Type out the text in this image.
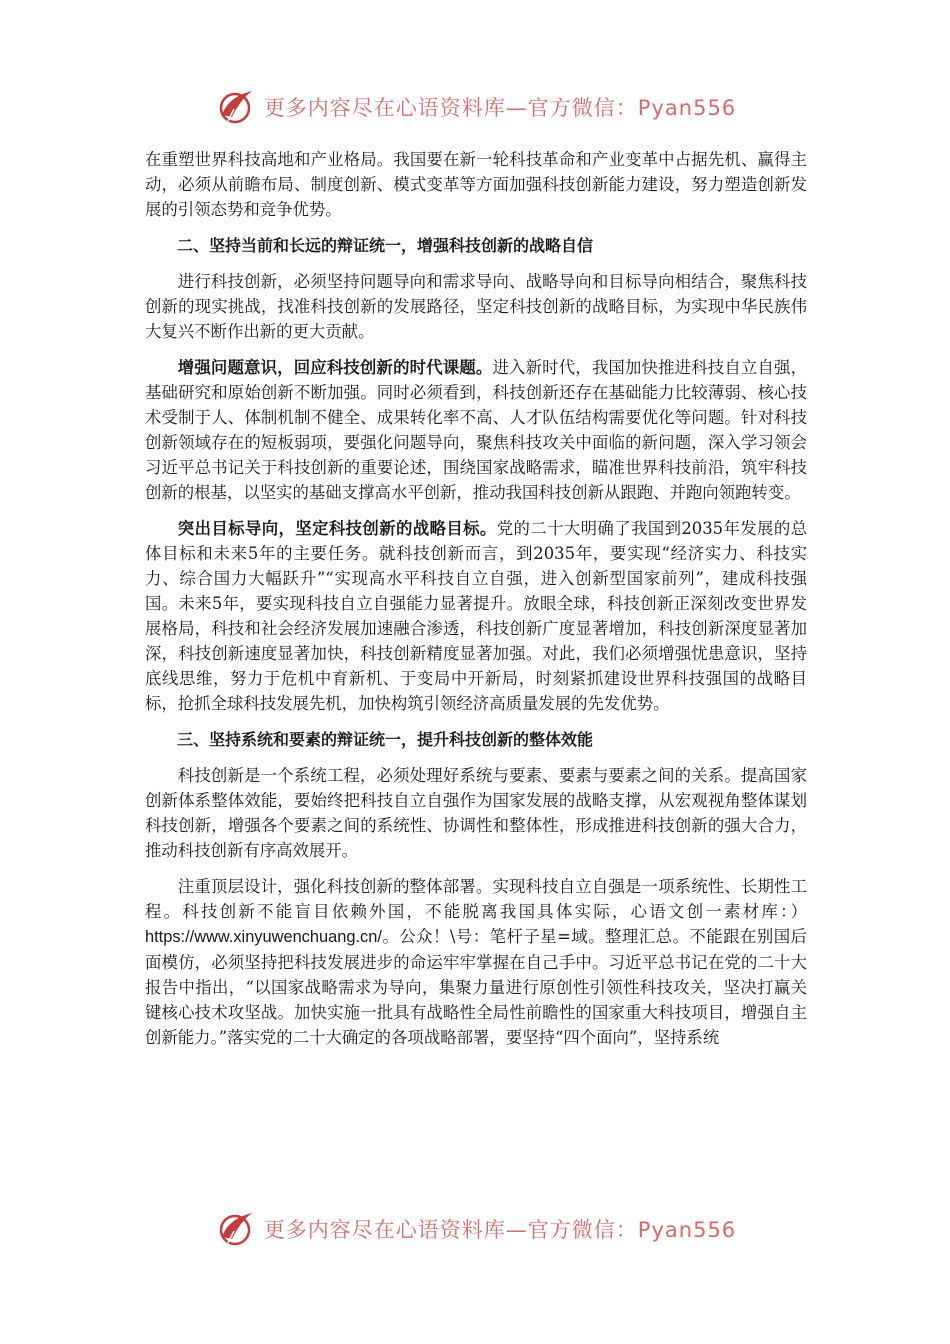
更多内容尽在心语资料库—官方微信：Pyan556

在重塑世界科技高地和产业格局。我国要在新一轮科技革命和产业变革中占据先机、赢得主动，必须从前瞻布局、制度创新、模式变革等方面加强科技创新能力建设，努力塑造创新发展的引领态势和竞争优势。

二、坚持当前和长远的辩证统一，增强科技创新的战略自信

进行科技创新，必须坚持问题导向和需求导向、战略导向和目标导向相结合，聚焦科技创新的现实挑战，找准科技创新的发展路径，坚定科技创新的战略目标，为实现中华民族伟大复兴不断作出新的更大贡献。

增强问题意识，回应科技创新的时代课题。进入新时代，我国加快推进科技自立自强，基础研究和原始创新不断加强。同时必须看到，科技创新还存在基础能力比较薄弱、核心技术受制于人、体制机制不健全、成果转化率不高、人才队伍结构需要优化等问题。针对科技创新领域存在的短板弱项，要强化问题导向，聚焦科技攻关中面临的新问题，深入学习领会习近平总书记关于科技创新的重要论述，围绕国家战略需求，瞄准世界科技前沿，筑牢科技创新的根基，以坚实的基础支撑高水平创新，推动我国科技创新从跟跑、并跑向领跑转变。

突出目标导向，坚定科技创新的战略目标。党的二十大明确了我国到2035年发展的总体目标和未来5年的主要任务。就科技创新而言，到2035年，要实现“经济实力、科技实力、综合国力大幅跃升”“实现高水平科技自立自强，进入创新型国家前列”，建成科技强国。未来5年，要实现科技自立自强能力显著提升。放眼全球，科技创新正深刻改变世界发展格局，科技和社会经济发展加速融合渗透，科技创新广度显著增加，科技创新深度显著加深，科技创新速度显著加快，科技创新精度显著加强。对此，我们必须增强忧患意识，坚持底线思维，努力于危机中育新机、于变局中开新局，时刻紧抓建设世界科技强国的战略目标，抢抓全球科技发展先机，加快构筑引领经济高质量发展的先发优势。

三、坚持系统和要素的辩证统一，提升科技创新的整体效能

科技创新是一个系统工程，必须处理好系统与要素、要素与要素之间的关系。提高国家创新体系整体效能，要始终把科技自立自强作为国家发展的战略支撑，从宏观视角整体谋划科技创新，增强各个要素之间的系统性、协调性和整体性，形成推进科技创新的强大合力，推动科技创新有序高效展开。

注重顶层设计，强化科技创新的整体部署。实现科技自立自强是一项系统性、长期性工程。科技创新不能盲目依赖外国，不能脱离我国具体实际，心语文创一素材库：）https://www.xinyuwenchuang.cn/。公众！\号：笔杆子星=域。整理汇总。不能跟在别国后面模仿，必须坚持把科技发展进步的命运牢牢掌握在自己手中。习近平总书记在党的二十大报告中指出，“以国家战略需求为导向，集聚力量进行原创性引领性科技攻关，坚决打赢关键核心技术攻坚战。加快实施一批具有战略性全局性前瞻性的国家重大科技项目，增强自主创新能力。”落实党的二十大确定的各项战略部署，要坚持“四个面向”，坚持系统

更多内容尽在心语资料库—官方微信：Pyan556
